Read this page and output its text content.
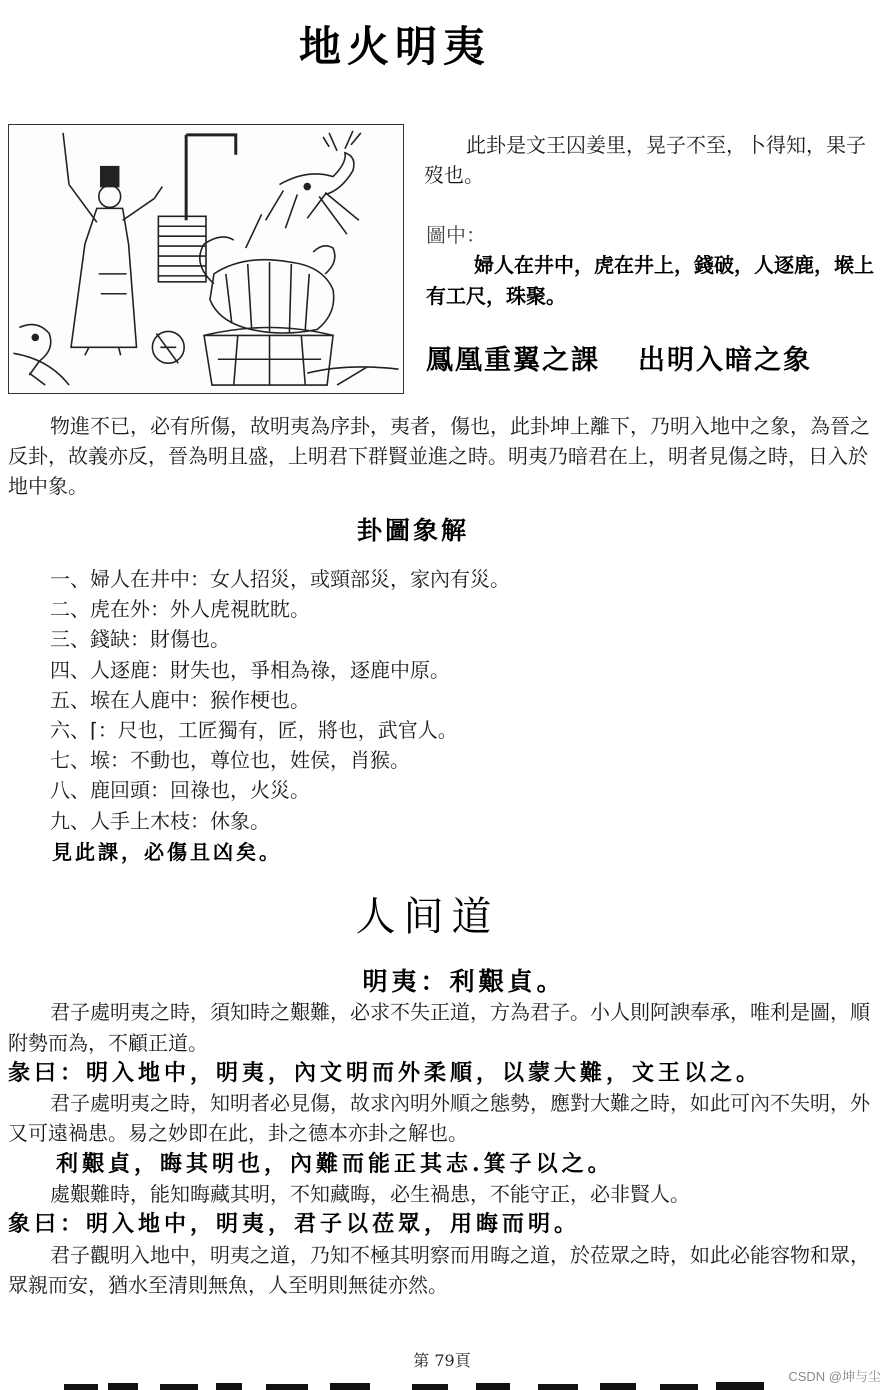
地火明夷

此卦是文王囚姜里，晃子不至，卜得知，果子歿也。

圖中：
婦人在井中，虎在井上，錢破，人逐鹿，堠上有工尺，珠聚。
鳳凰重翼之課 出明入暗之象

物進不已，必有所傷，故明夷為序卦，夷者，傷也，此卦坤上離下，乃明入地中之象，為晉之反卦，故義亦反，晉為明且盛，上明君下群賢並進之時。明夷乃暗君在上，明者見傷之時，日入於地中象。

卦圖象解
一、婦人在井中：女人招災，或頸部災，家內有災。
二、虎在外：外人虎視眈眈。
三、錢缺：財傷也。
四、人逐鹿：財失也，爭相為祿，逐鹿中原。
五、堠在人鹿中：猴作梗也。
六、⌈：尺也，工匠獨有，匠，將也，武官人。
七、堠：不動也，尊位也，姓侯，肖猴。
八、鹿回頭：回祿也，火災。
九、人手上木枝：休象。
見此課，必傷且凶矣。
人间道
明夷：利艱貞。

君子處明夷之時，須知時之艱難，必求不失正道，方為君子。小人則阿諛奉承，唯利是圖，順附勢而為，不顧正道。

彖曰：明入地中，明夷，內文明而外柔順，以蒙大難，文王以之。

君子處明夷之時，知明者必見傷，故求內明外順之態勢，應對大難之時，如此可內不失明，外又可遠禍患。易之妙即在此，卦之德本亦卦之解也。

利艱貞，晦其明也，內難而能正其志.箕子以之。

處艱難時，能知晦藏其明，不知藏晦，必生禍患，不能守正，必非賢人。

象曰：明入地中，明夷，君子以莅眾，用晦而明。

君子觀明入地中，明夷之道，乃知不極其明察而用晦之道，於莅眾之時，如此必能容物和眾，眾親而安，猶水至清則無魚，人至明則無徒亦然。

第 79頁
CSDN @坤与尘
